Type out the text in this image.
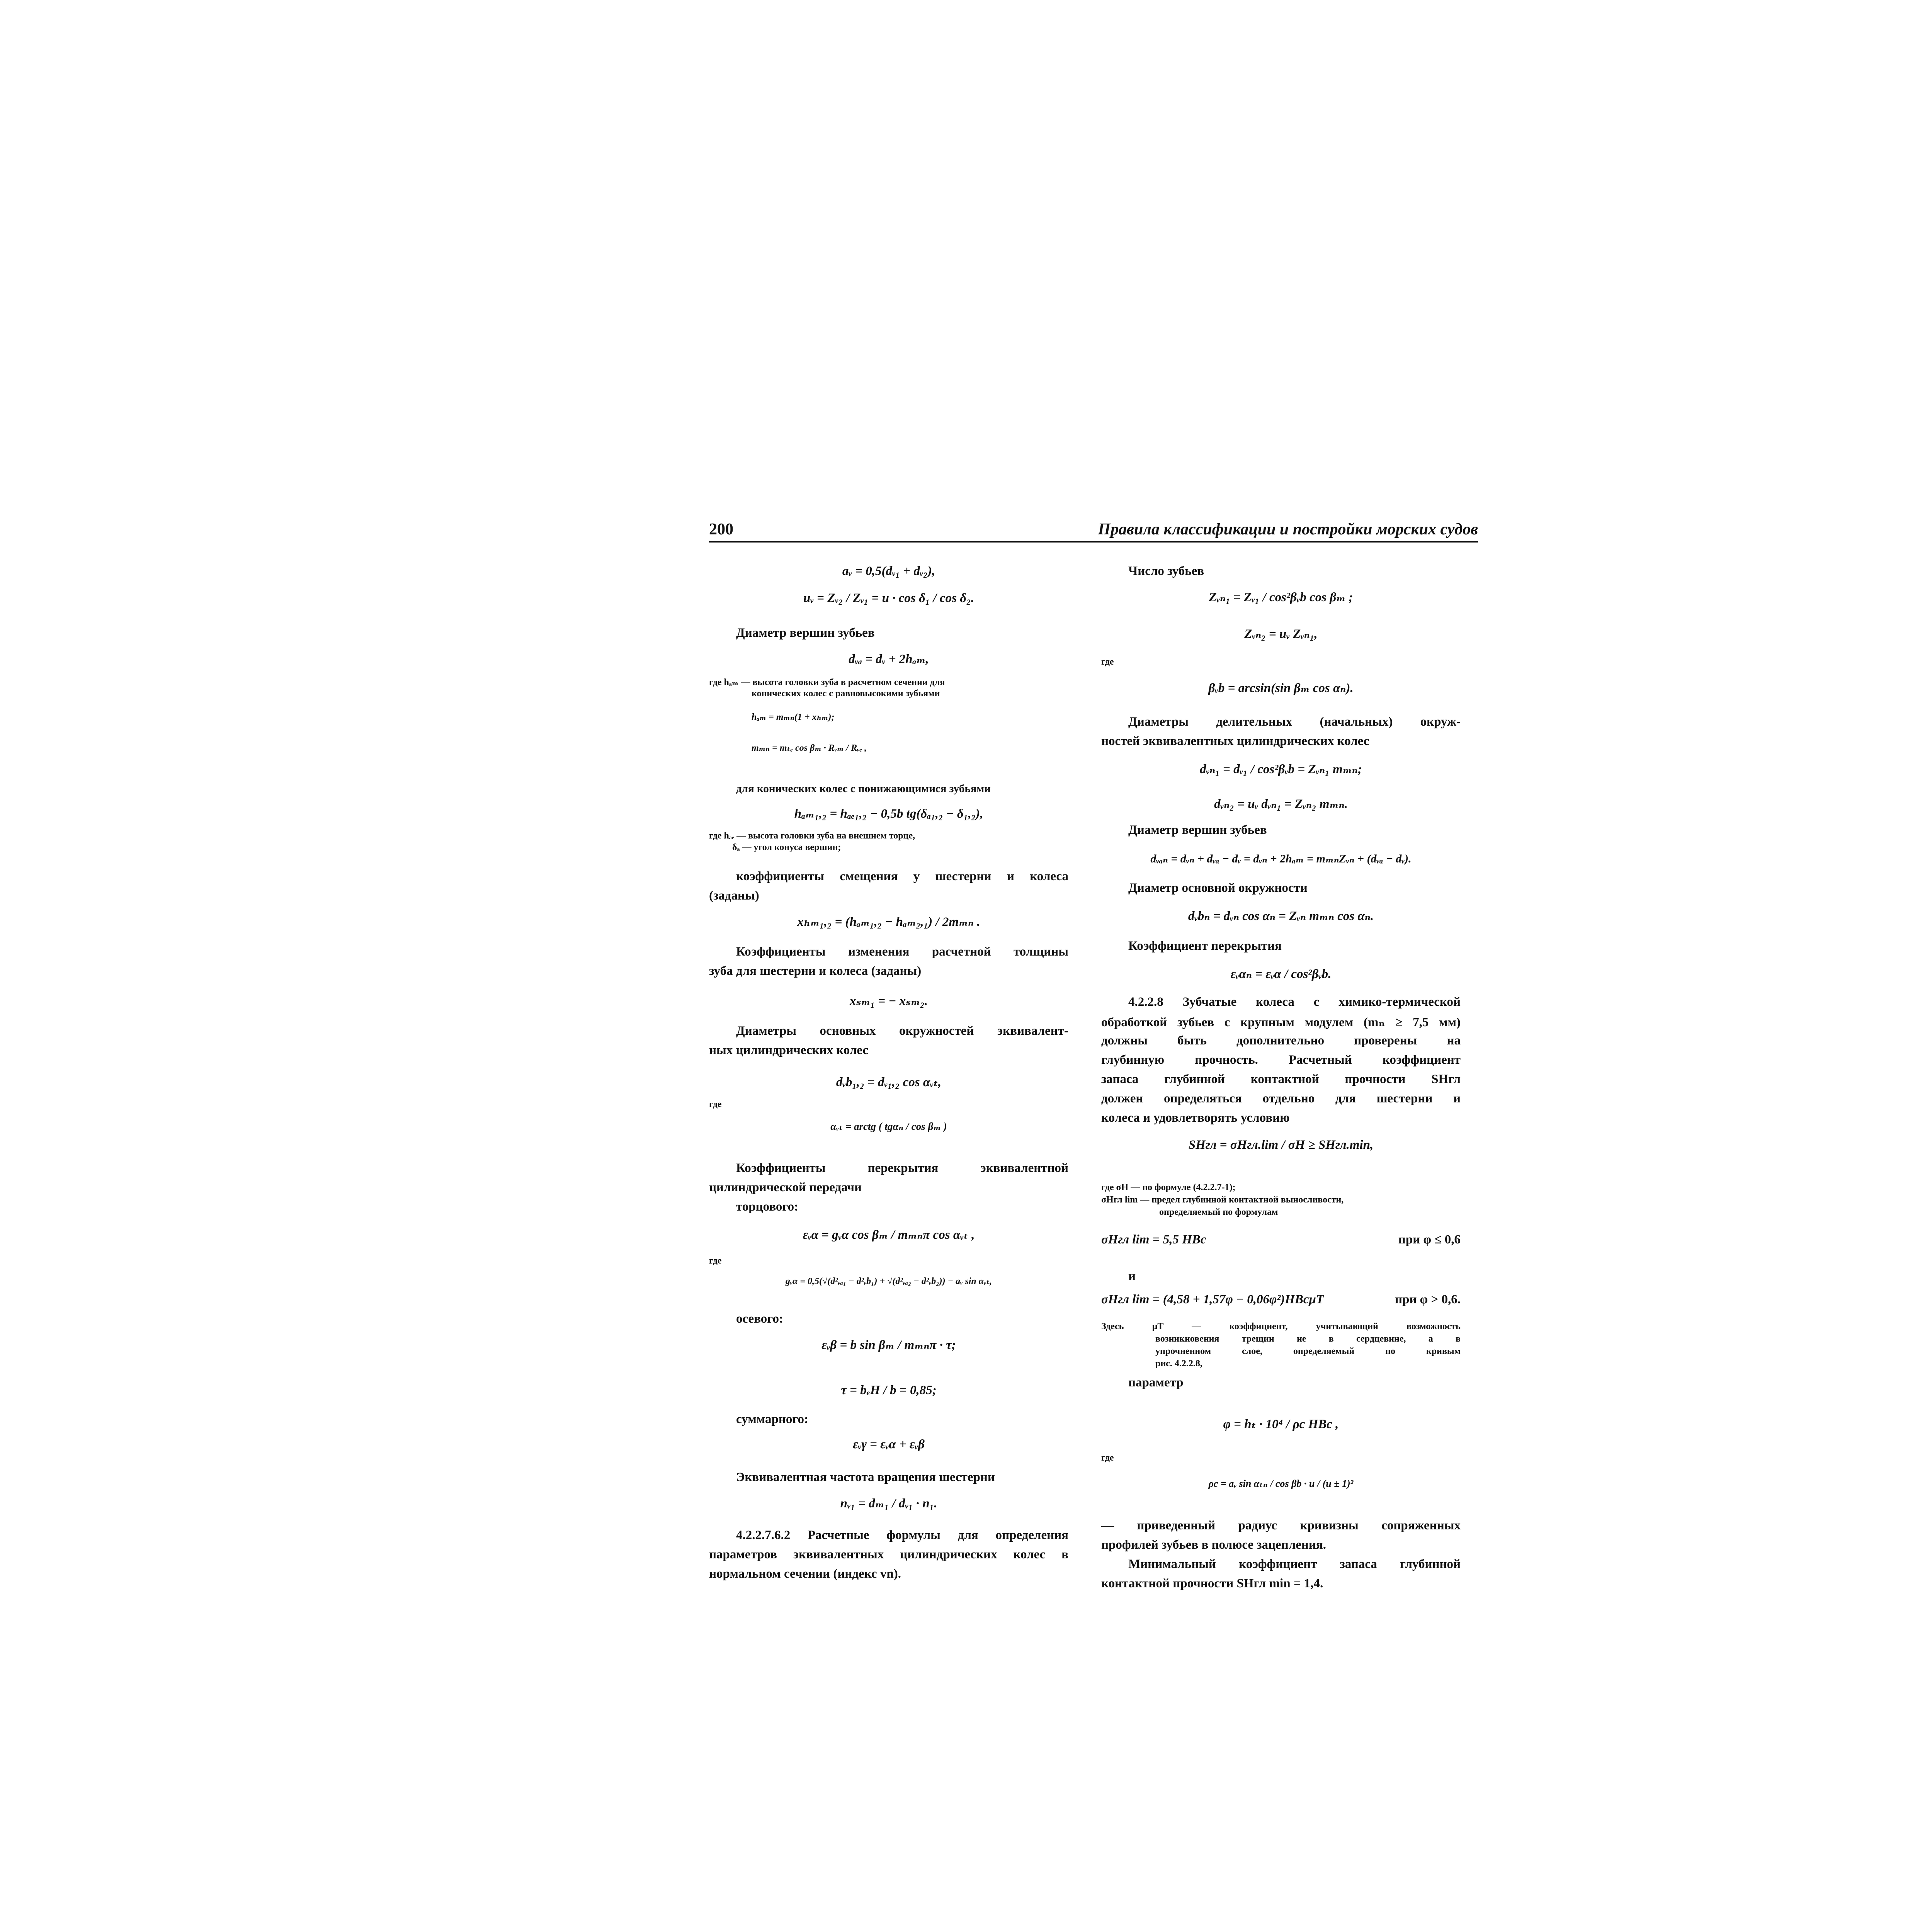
200	Правила классификации и постройки морских судов
aᵥ = 0,5(dᵥ₁ + dᵥ₂),
uᵥ = Zᵥ₂ / Zᵥ₁ = u · cos δ₁ / cos δ₂.
Диаметр вершин зубьев
dᵥₐ = dᵥ + 2hₐₘ,
где hₐₘ — высота головки зуба в расчетном сечении для
конических колес с равновысокими зубьями
hₐₘ = mₘₙ(1 + xₕₘ);
mₘₙ = mₜₑ cos βₘ · Rᵥₘ / Rᵥₑ ,
для конических колес с понижающимися зубьями
hₐₘ₁,₂ = hₐₑ₁,₂ − 0,5b tg(δₐ₁,₂ − δ₁,₂),
где hₐₑ — высота головки зуба на внешнем торце,
δₐ — угол конуса вершин;
коэффициенты смещения у шестерни и колеса
(заданы)
xₕₘ₁,₂ = (hₐₘ₁,₂ − hₐₘ₂,₁) / 2mₘₙ .
Коэффициенты изменения расчетной толщины
зуба для шестерни и колеса (заданы)
xₛₘ₁ = − xₛₘ₂.
Диаметры основных окружностей эквивалент-
ных цилиндрических колес
dᵥb₁,₂ = dᵥ₁,₂ cos αᵥₜ,
где
αᵥₜ = arctg ( tgαₙ / cos βₘ )
Коэффициенты перекрытия эквивалентной
цилиндрической передачи
торцового:
εᵥα = gᵥα cos βₘ / mₘₙπ cos αᵥₜ ,
где
gᵥα = 0,5(√(d²ᵥₐ₁ − d²ᵥb₁) + √(d²ᵥₐ₂ − d²ᵥb₂)) − aᵥ sin αᵥₜ,
осевого:
εᵥβ = b sin βₘ / mₘₙπ · τ;
τ = bₑH / b = 0,85;
суммарного:
εᵥγ = εᵥα + εᵥβ
Эквивалентная частота вращения шестерни
nᵥ₁ = dₘ₁ / dᵥ₁ · n₁.
4.2.2.7.6.2 Расчетные формулы для определения
параметров эквивалентных цилиндрических колес в
нормальном сечении (индекс vn).
Число зубьев
Zᵥₙ₁ = Zᵥ₁ / cos²βᵥb cos βₘ ;
Zᵥₙ₂ = uᵥ Zᵥₙ₁,
где
βᵥb = arcsin(sin βₘ cos αₙ).
Диаметры делительных (начальных) окруж-
ностей эквивалентных цилиндрических колес
dᵥₙ₁ = dᵥ₁ / cos²βᵥb = Zᵥₙ₁ mₘₙ;
dᵥₙ₂ = uᵥ dᵥₙ₁ = Zᵥₙ₂ mₘₙ.
Диаметр вершин зубьев
dᵥₐₙ = dᵥₙ + dᵥₐ − dᵥ = dᵥₙ + 2hₐₘ = mₘₙZᵥₙ + (dᵥₐ − dᵥ).
Диаметр основной окружности
dᵥbₙ = dᵥₙ cos αₙ = Zᵥₙ mₘₙ cos αₙ.
Коэффициент перекрытия
εᵥαₙ = εᵥα / cos²βᵥb.
4.2.2.8 Зубчатые колеса с химико-термической
обработкой зубьев с крупным модулем (mₙ ≥ 7,5 мм)
должны быть дополнительно проверены на
глубинную прочность. Расчетный коэффициент
запаса глубинной контактной прочности SHгл
должен определяться отдельно для шестерни и
колеса и удовлетворять условию
SHгл = σHгл.lim / σH ≥ SHгл.min,
где σH — по формуле (4.2.2.7-1);
σHгл lim — предел глубинной контактной выносливости,
определяемый по формулам
σHгл lim = 5,5 HBc	при φ ≤ 0,6
и
σHгл lim = (4,58 + 1,57φ − 0,06φ²)HBcμT	при φ > 0,6.
Здесь μT — коэффициент, учитывающий возможность
возникновения трещин не в сердцевине, а в
упрочненном слое, определяемый по кривым
рис. 4.2.2.8,
параметр
φ = hₜ · 10⁴ / ρc HBc ,
где
ρc = aᵥ sin αₜₙ / cos βb · u / (u ± 1)²
— приведенный радиус кривизны сопряженных
профилей зубьев в полюсе зацепления.
Минимальный коэффициент запаса глубинной
контактной прочности SHгл min = 1,4.
